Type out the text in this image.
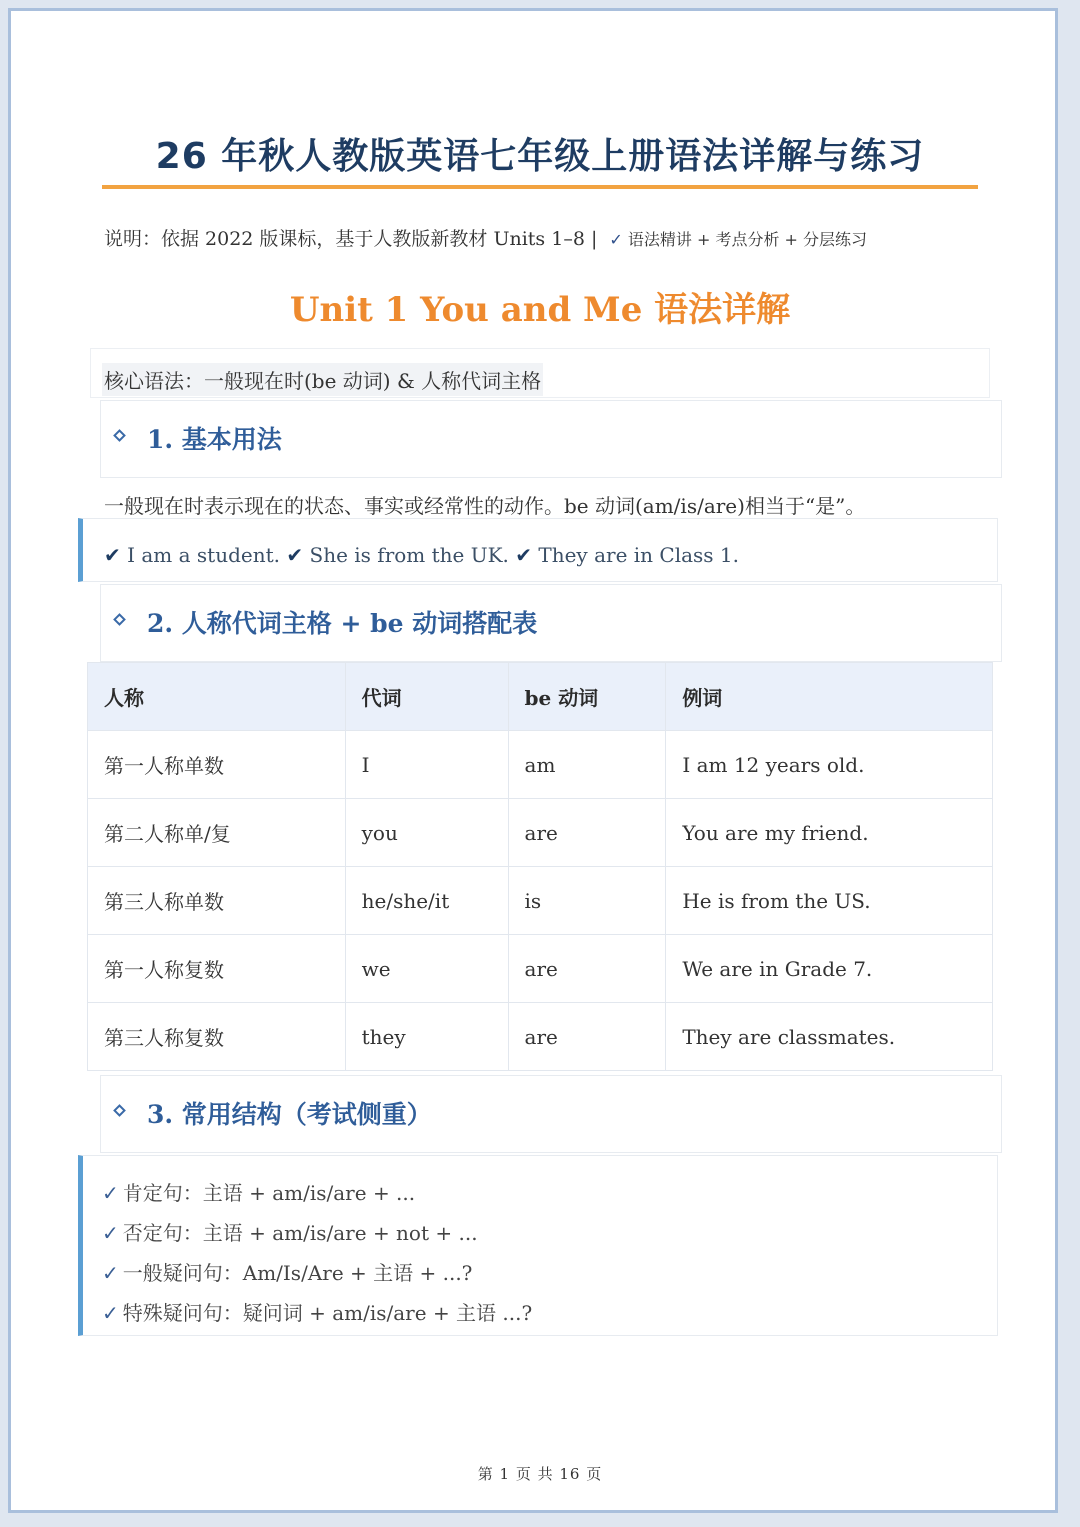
26 年秋人教版英语七年级上册语法详解与练习
说明：依据 2022 版课标，基于人教版新教材 Units 1–8 | ✓ 语法精讲 + 考点分析 + 分层练习
Unit 1 You and Me 语法详解
核心语法：一般现在时(be 动词) & 人称代词主格
1. 基本用法
一般现在时表示现在的状态、事实或经常性的动作。be 动词(am/is/are)相当于“是”。
✔ I am a student. ✔ She is from the UK. ✔ They are in Class 1.
2. 人称代词主格 + be 动词搭配表
人称	代词	be 动词	例词
第一人称单数	I	am	I am 12 years old.
第二人称单/复	you	are	You are my friend.
第三人称单数	he/she/it	is	He is from the US.
第一人称复数	we	are	We are in Grade 7.
第三人称复数	they	are	They are classmates.
3. 常用结构（考试侧重）
✓ 肯定句：主语 + am/is/are + ...
✓ 否定句：主语 + am/is/are + not + ...
✓ 一般疑问句：Am/Is/Are + 主语 + ...?
✓ 特殊疑问句：疑问词 + am/is/are + 主语 ...?
第 1 页 共 16 页
